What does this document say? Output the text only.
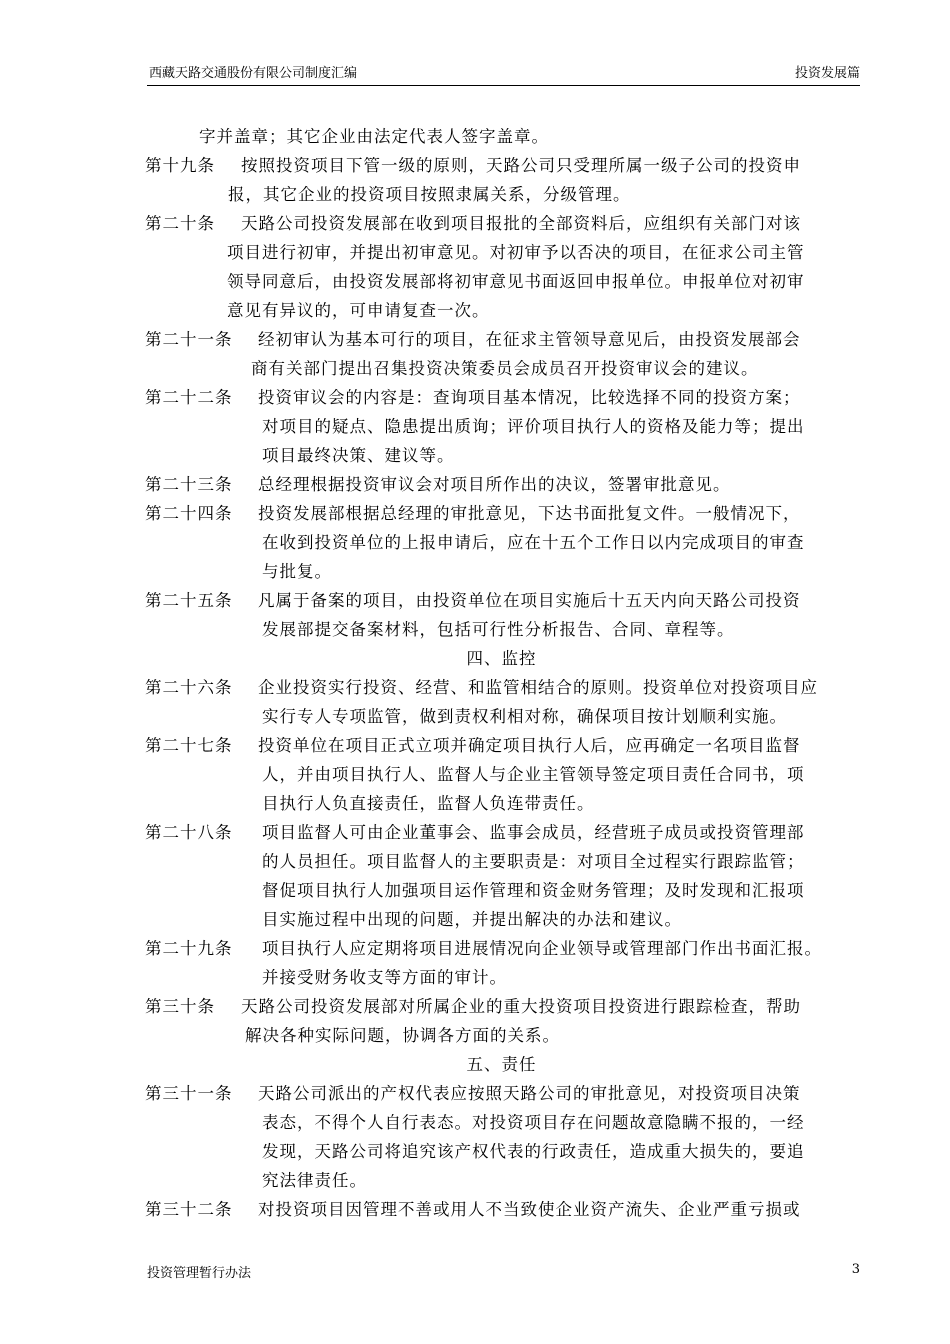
西藏天路交通股份有限公司制度汇编	投资发展篇
字并盖章；其它企业由法定代表人签字盖章。
第十九条	按照投资项目下管一级的原则，天路公司只受理所属一级子公司的投资申
报，其它企业的投资项目按照隶属关系，分级管理。
第二十条	天路公司投资发展部在收到项目报批的全部资料后，应组织有关部门对该
项目进行初审，并提出初审意见。对初审予以否决的项目，在征求公司主管
领导同意后，由投资发展部将初审意见书面返回申报单位。申报单位对初审
意见有异议的，可申请复查一次。
第二十一条	经初审认为基本可行的项目，在征求主管领导意见后，由投资发展部会
商有关部门提出召集投资决策委员会成员召开投资审议会的建议。
第二十二条	投资审议会的内容是：查询项目基本情况，比较选择不同的投资方案；
对项目的疑点、隐患提出质询；评价项目执行人的资格及能力等；提出
项目最终决策、建议等。
第二十三条	总经理根据投资审议会对项目所作出的决议，签署审批意见。
第二十四条	投资发展部根据总经理的审批意见，下达书面批复文件。一般情况下，
在收到投资单位的上报申请后，应在十五个工作日以内完成项目的审查
与批复。
第二十五条	凡属于备案的项目，由投资单位在项目实施后十五天内向天路公司投资
发展部提交备案材料，包括可行性分析报告、合同、章程等。
四、监控
第二十六条	企业投资实行投资、经营、和监管相结合的原则。投资单位对投资项目应
实行专人专项监管，做到责权利相对称，确保项目按计划顺利实施。
第二十七条	投资单位在项目正式立项并确定项目执行人后，应再确定一名项目监督
人，并由项目执行人、监督人与企业主管领导签定项目责任合同书，项
目执行人负直接责任，监督人负连带责任。
第二十八条	项目监督人可由企业董事会、监事会成员，经营班子成员或投资管理部
的人员担任。项目监督人的主要职责是：对项目全过程实行跟踪监管；
督促项目执行人加强项目运作管理和资金财务管理；及时发现和汇报项
目实施过程中出现的问题，并提出解决的办法和建议。
第二十九条	项目执行人应定期将项目进展情况向企业领导或管理部门作出书面汇报。
并接受财务收支等方面的审计。
第三十条	天路公司投资发展部对所属企业的重大投资项目投资进行跟踪检查，帮助
解决各种实际问题，协调各方面的关系。
五、责任
第三十一条	天路公司派出的产权代表应按照天路公司的审批意见，对投资项目决策
表态，不得个人自行表态。对投资项目存在问题故意隐瞒不报的，一经
发现，天路公司将追究该产权代表的行政责任，造成重大损失的，要追
究法律责任。
第三十二条	对投资项目因管理不善或用人不当致使企业资产流失、企业严重亏损或
投资管理暂行办法	3
